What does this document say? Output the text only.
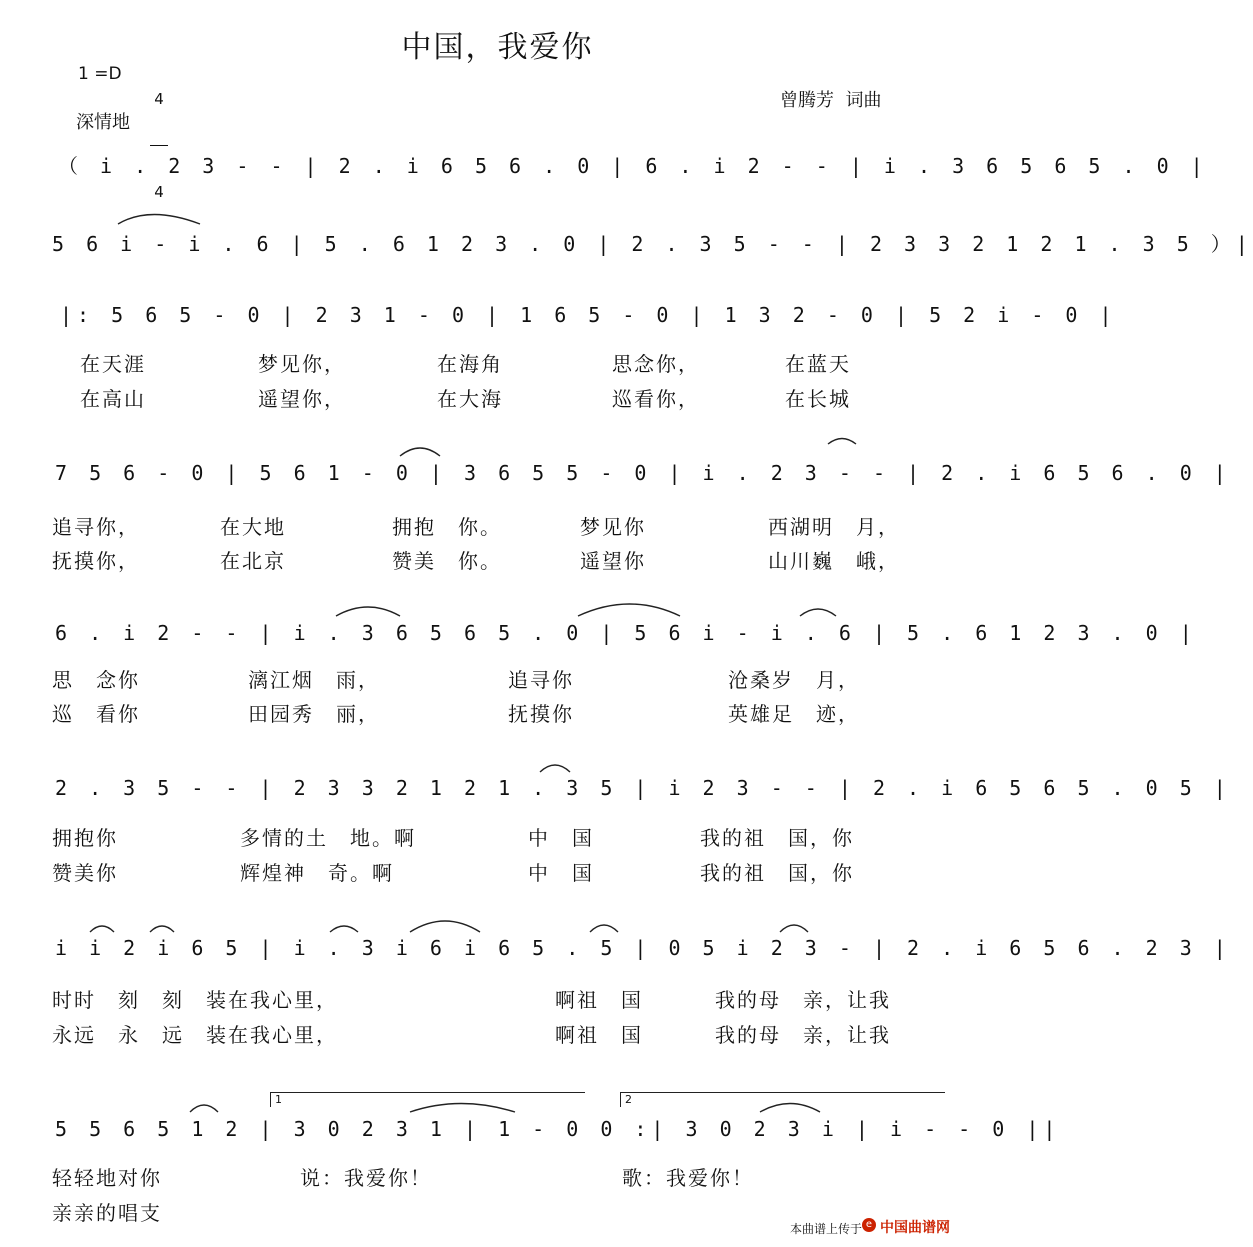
中国，我爱你
1 =D

4

4

深情地
曾腾芳  词曲
（ i . 2 3 - - | 2 . i 6 5 6 . 0 | 6 . i 2 - - | i . 3 6 5 6 5 . 0 |
5 6 i - i . 6 | 5 . 6 1 2 3 . 0 | 2 . 3 5 - - | 2 3 3 2 1 2 1 . 3 5 ）|
|: 5 6 5 - 0 | 2 3 1 - 0 | 1 6 5 - 0 | 1 3 2 - 0 | 5 2 i - 0 |
7 5 6 - 0 | 5 6 1 - 0 | 3 6 5 5 - 0 | i . 2 3 - - | 2 . i 6 5 6 . 0 |
6 . i 2 - - | i . 3 6 5 6 5 . 0 | 5 6 i - i . 6 | 5 . 6 1 2 3 . 0 |
2 . 3 5 - - | 2 3 3 2 1 2 1 . 3 5 | i 2 3 - - | 2 . i 6 5 6 5 . 0 5 |
i i 2 i 6 5 | i . 3 i 6 i 6 5 . 5 | 0 5 i 2 3 - | 2 . i 6 5 6 . 2 3 |
5 5 6 5 1 2 | 3 0 2 3 1 | 1 - 0 0 :| 3 0 2 3 i | i - - 0 ||
1	2
在天涯	梦见你，	在海角	思念你，	在蓝天
在高山	遥望你，	在大海	巡看你，	在长城
追寻你，	在大地	拥抱　你。	梦见你	西湖明　月，
抚摸你，	在北京	赞美　你。	遥望你	山川巍　峨，
思　念你	漓江烟　雨，	追寻你	沧桑岁　月，
巡　看你	田园秀　丽，	抚摸你	英雄足　迹，
拥抱你	多情的土　地。啊	中　国	我的祖　国，你
赞美你	辉煌神　奇。啊	中　国	我的祖　国，你
时时　刻　刻　装在我心里，	啊祖　国	我的母　亲，让我
永远　永　远　装在我心里，	啊祖　国	我的母　亲，让我
轻轻地对你	说：我爱你！	歌：我爱你！
亲亲的唱支
本曲谱上传于 e 中国曲谱网
